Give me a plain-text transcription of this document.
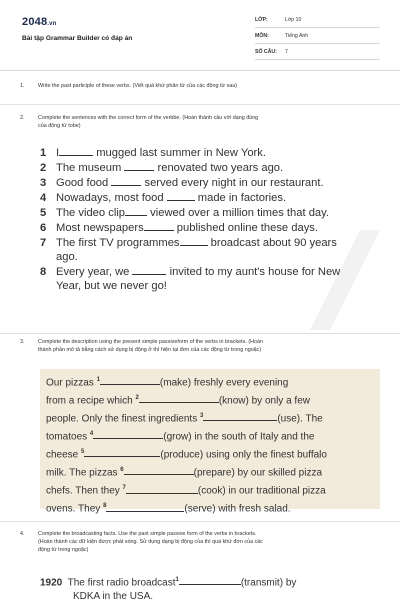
2048.vn
Bài tập Grammar Builder có đáp án
LỚP:	Lớp 10
MÔN:	Tiếng Anh
SỐ CÂU: 7
1.	Write the past participle of these verbs. (Viết quá khứ phân từ của các động từ sau)
2.	Complete the sentences with the correct form of the verbbe. (Hoàn thành câu với dạng đúng
của động từ tobe)
1 I	mugged last summer in New York.
2 The museum	renovated two years ago.
3 Good food	served every night in our restaurant.
4 Nowadays, most food	made in factories.
5 The video clip viewed over a million times that day.
6 Most newspapers	published online these days.
7 The first TV programmes	broadcast about 90 years
ago.
8 Every year, we	invited to my aunt's house for New
Year, but we never go!
3.	Complete the description using the present simple passiveform of the verbs in brackets. (Hoàn
thành phần mô tả bằng cách sử dụng bị động ở thì hiện tại đơn của các động từ trong ngoặc)
Our pizzas $^1$	(make) freshly every evening
from a recipe which $^2$	(know) by only a few
people. Only the finest ingredients $^3$	(use). The
tomatoes $^4$	(grow) in the south of Italy and the
cheese $^5$	(produce) using only the finest buffalo
milk. The pizzas $^6$	(prepare) by our skilled pizza
chefs. Then they $^7$	(cook) in our traditional pizza
ovens. They $^8$	(serve) with fresh salad.
4.	Complete the broadcasting facts. Use the past simple passive form of the verbs in brackets.
(Hoàn thành các dữ kiện được phát sóng. Sử dụng dạng bị động của thì quá khứ đơn của các
động từ trong ngoặc)
1920 The first radio broadcast$^1$	(transmit) by
KDKA in the USA.
